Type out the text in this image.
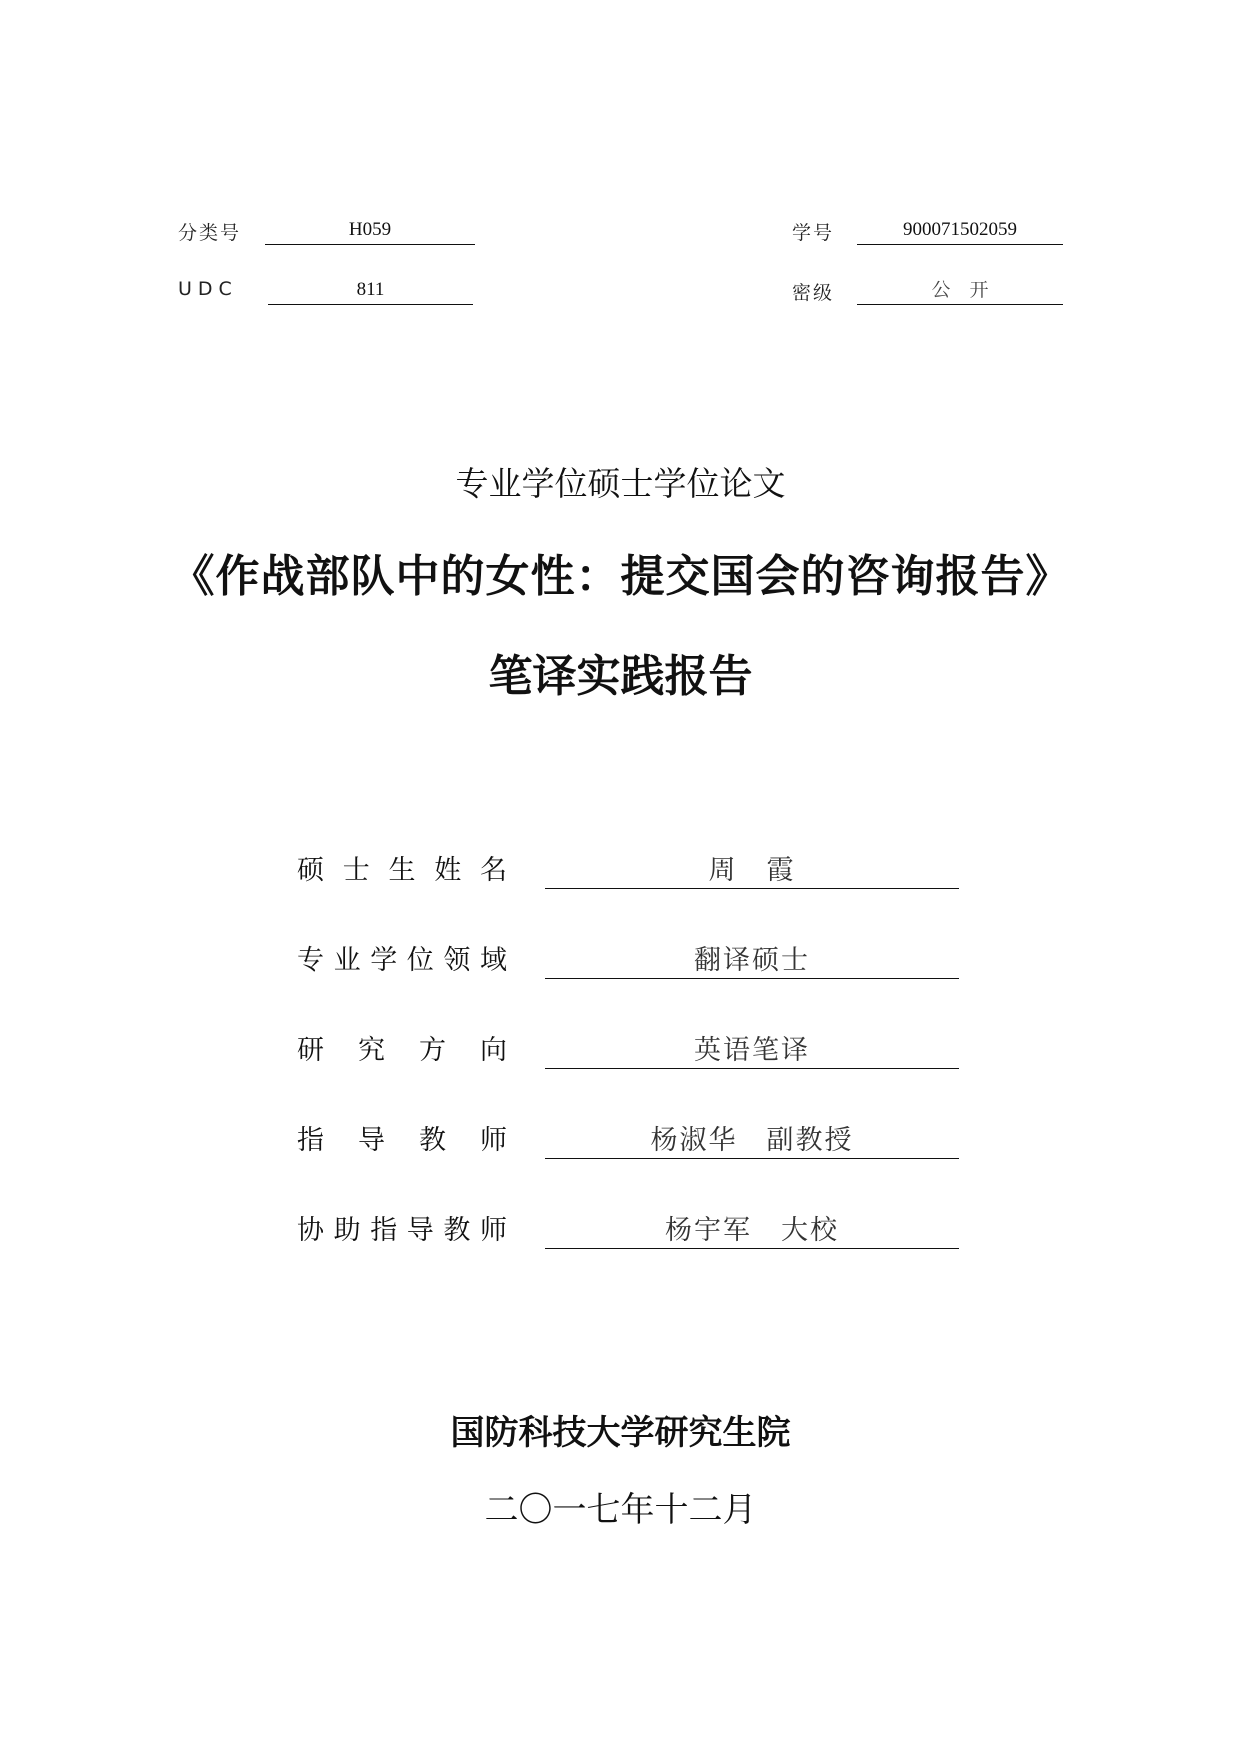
分类号	H059
UDC	811
学号	900071502059
密级	公　开
专业学位硕士学位论文
《作战部队中的女性：提交国会的咨询报告》
笔译实践报告
硕 士 生 姓 名	周　霞
专 业 学 位 领 域	翻译硕士
研 究 方 向	英语笔译
指 导 教 师	杨淑华　副教授
协 助 指 导 教 师	杨宇军　大校
国防科技大学研究生院
二〇一七年十二月
